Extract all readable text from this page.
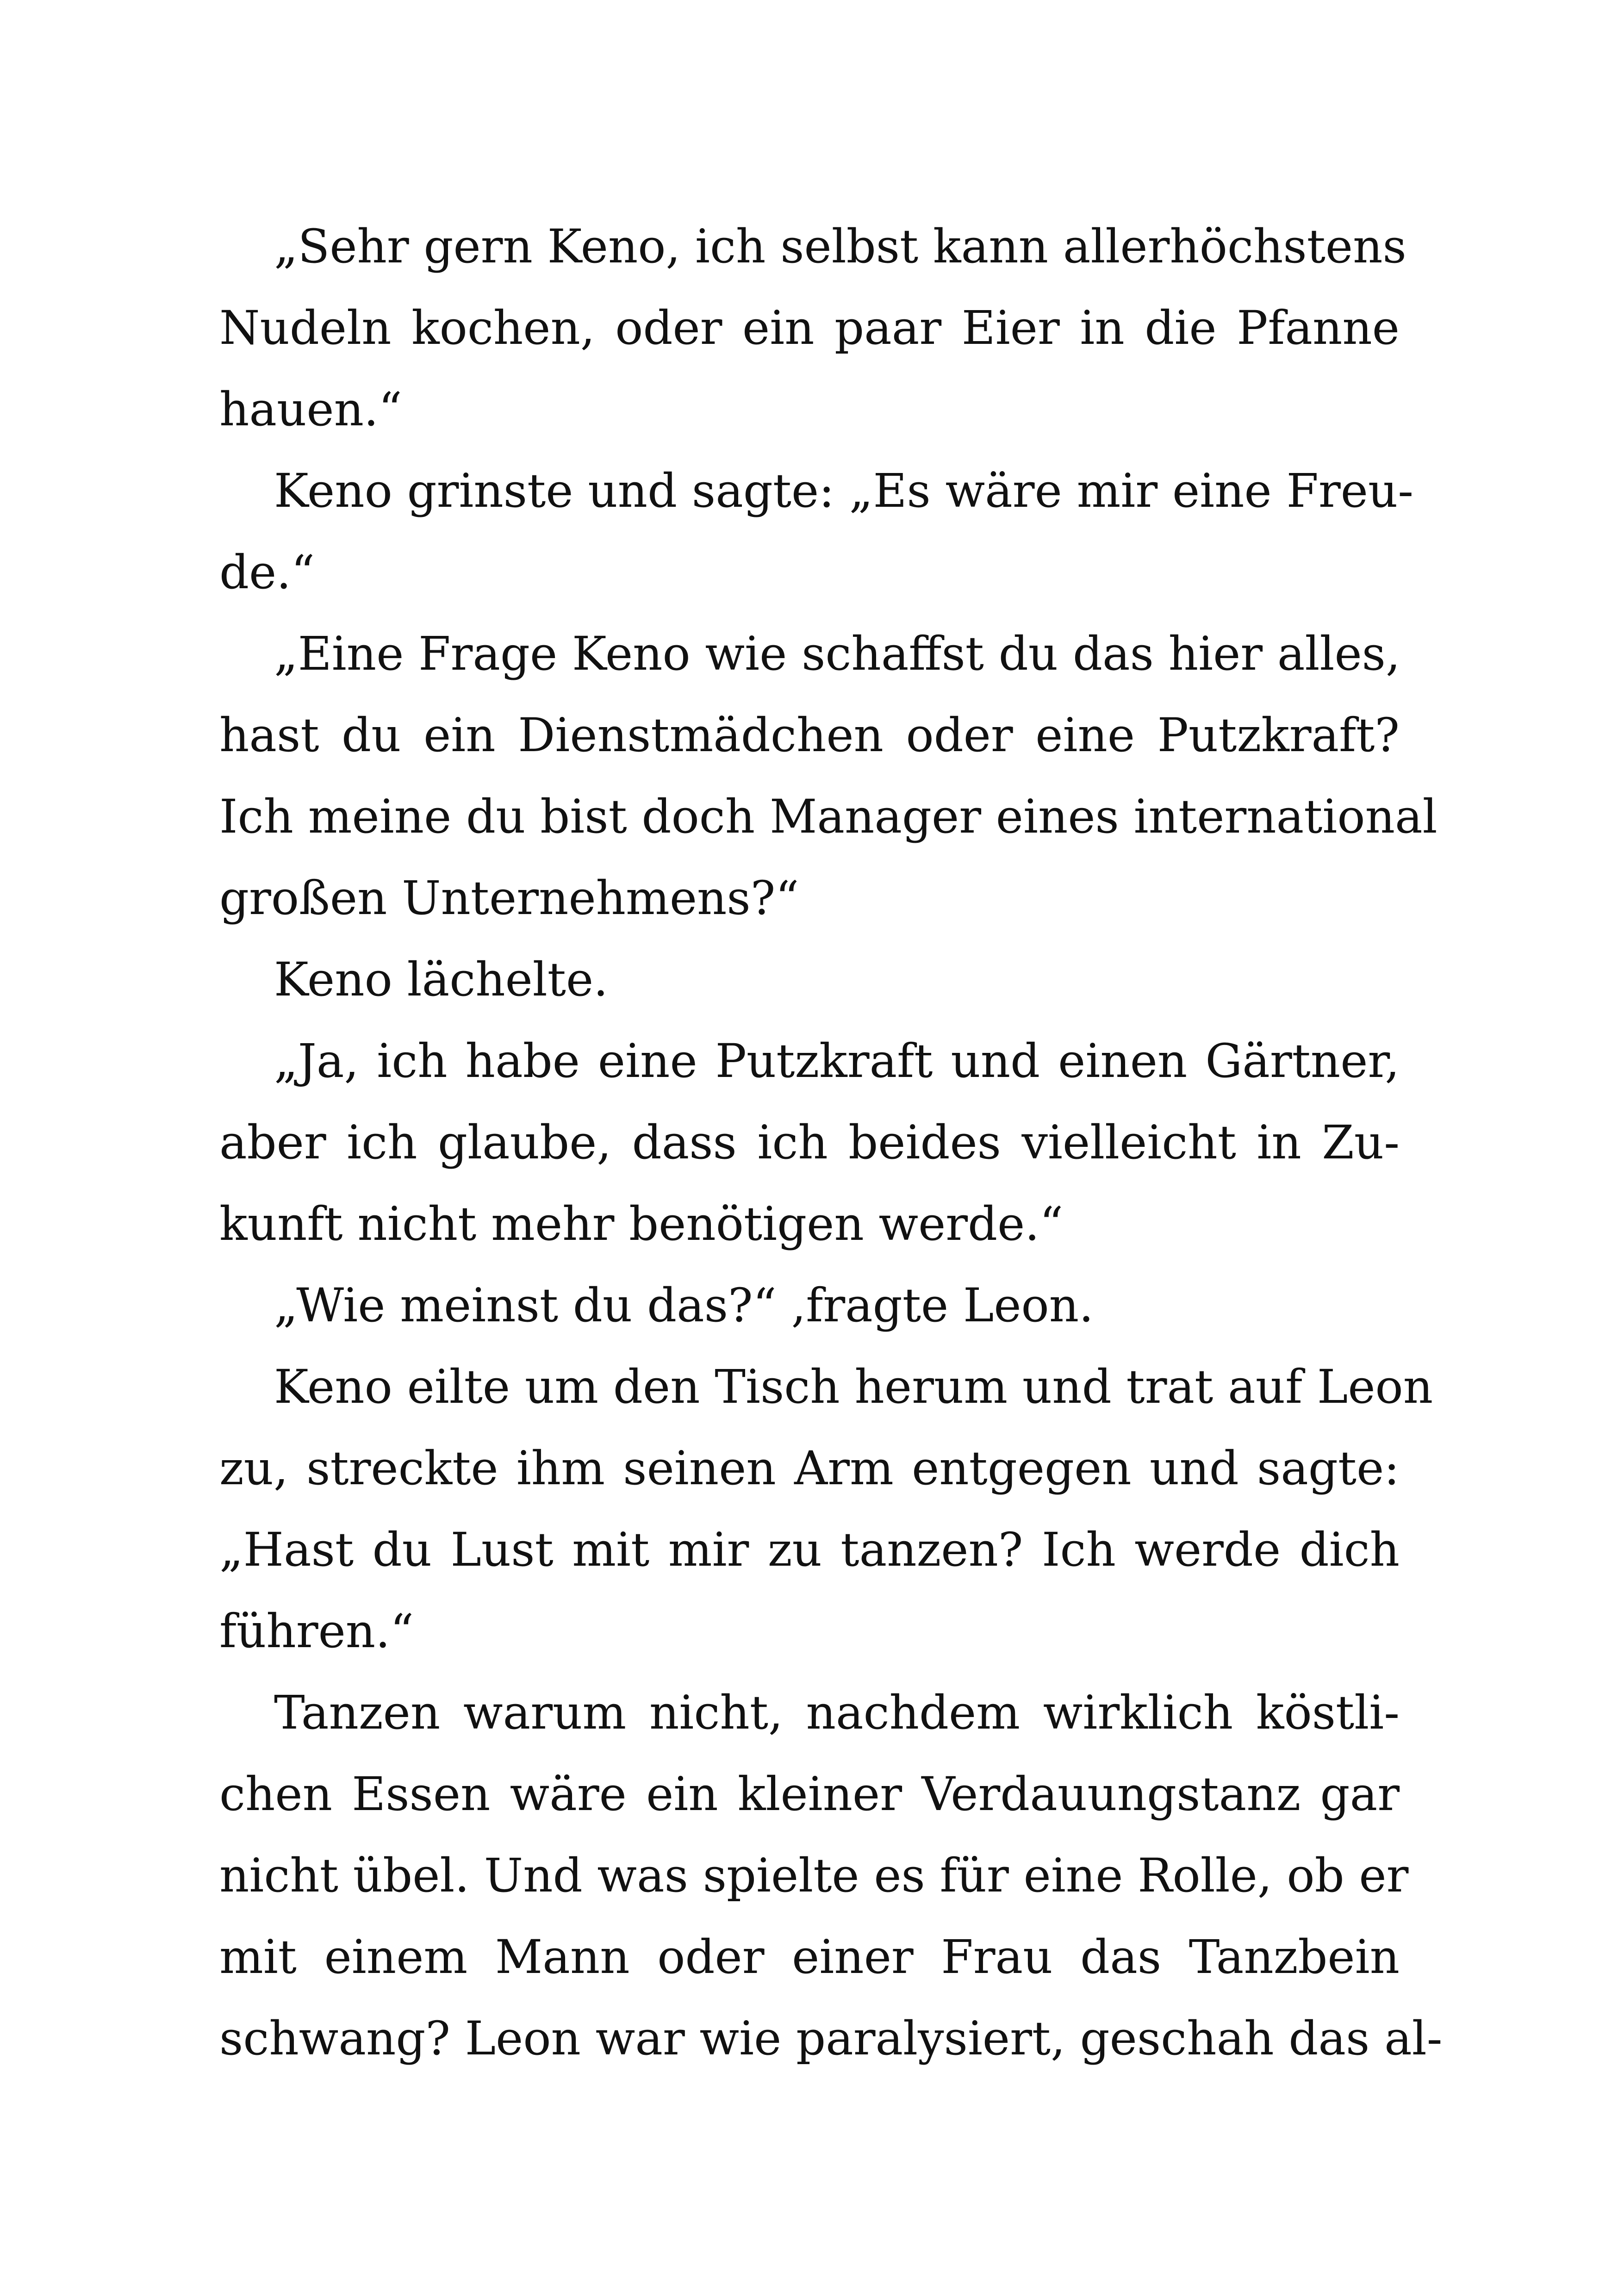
„Sehr gern Keno, ich selbst kann allerhöchstens
Nudeln kochen, oder ein paar Eier in die Pfanne
hauen.“
Keno grinste und sagte: „Es wäre mir eine Freu-
de.“
„Eine Frage Keno wie schaffst du das hier alles,
hast du ein Dienstmädchen oder eine Putzkraft?
Ich meine du bist doch Manager eines international
großen Unternehmens?“
Keno lächelte.
„Ja, ich habe eine Putzkraft und einen Gärtner,
aber ich glaube, dass ich beides vielleicht in Zu-
kunft nicht mehr benötigen werde.“
„Wie meinst du das?“ ,fragte Leon.
Keno eilte um den Tisch herum und trat auf Leon
zu, streckte ihm seinen Arm entgegen und sagte:
„Hast du Lust mit mir zu tanzen? Ich werde dich
führen.“
Tanzen warum nicht, nachdem wirklich köstli-
chen Essen wäre ein kleiner Verdauungstanz gar
nicht übel. Und was spielte es für eine Rolle, ob er
mit einem Mann oder einer Frau das Tanzbein
schwang? Leon war wie paralysiert, geschah das al-
